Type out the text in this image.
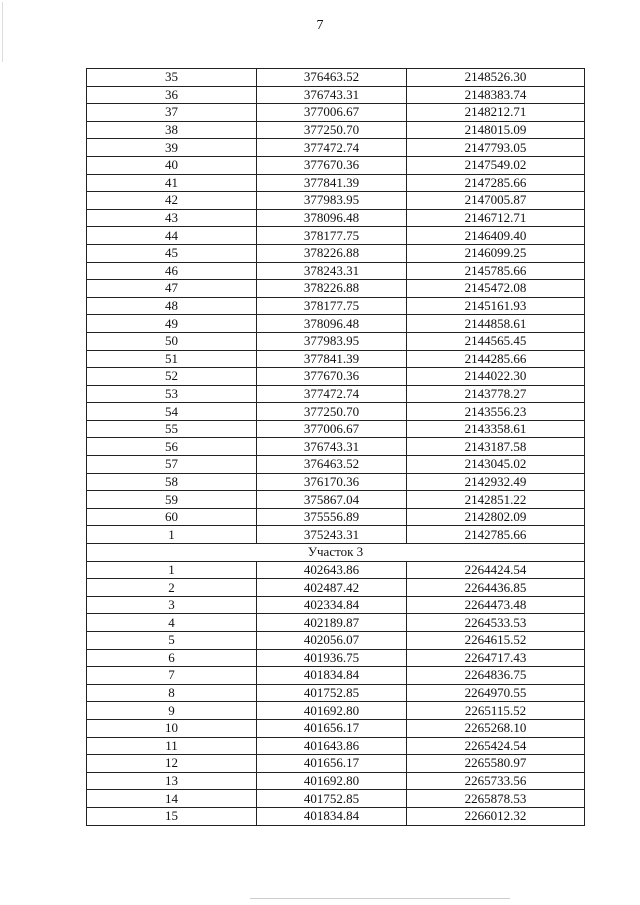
7
35	376463.52	2148526.30
36	376743.31	2148383.74
37	377006.67	2148212.71
38	377250.70	2148015.09
39	377472.74	2147793.05
40	377670.36	2147549.02
41	377841.39	2147285.66
42	377983.95	2147005.87
43	378096.48	2146712.71
44	378177.75	2146409.40
45	378226.88	2146099.25
46	378243.31	2145785.66
47	378226.88	2145472.08
48	378177.75	2145161.93
49	378096.48	2144858.61
50	377983.95	2144565.45
51	377841.39	2144285.66
52	377670.36	2144022.30
53	377472.74	2143778.27
54	377250.70	2143556.23
55	377006.67	2143358.61
56	376743.31	2143187.58
57	376463.52	2143045.02
58	376170.36	2142932.49
59	375867.04	2142851.22
60	375556.89	2142802.09
1	375243.31	2142785.66
Участок 3		
1	402643.86	2264424.54
2	402487.42	2264436.85
3	402334.84	2264473.48
4	402189.87	2264533.53
5	402056.07	2264615.52
6	401936.75	2264717.43
7	401834.84	2264836.75
8	401752.85	2264970.55
9	401692.80	2265115.52
10	401656.17	2265268.10
11	401643.86	2265424.54
12	401656.17	2265580.97
13	401692.80	2265733.56
14	401752.85	2265878.53
15	401834.84	2266012.32
